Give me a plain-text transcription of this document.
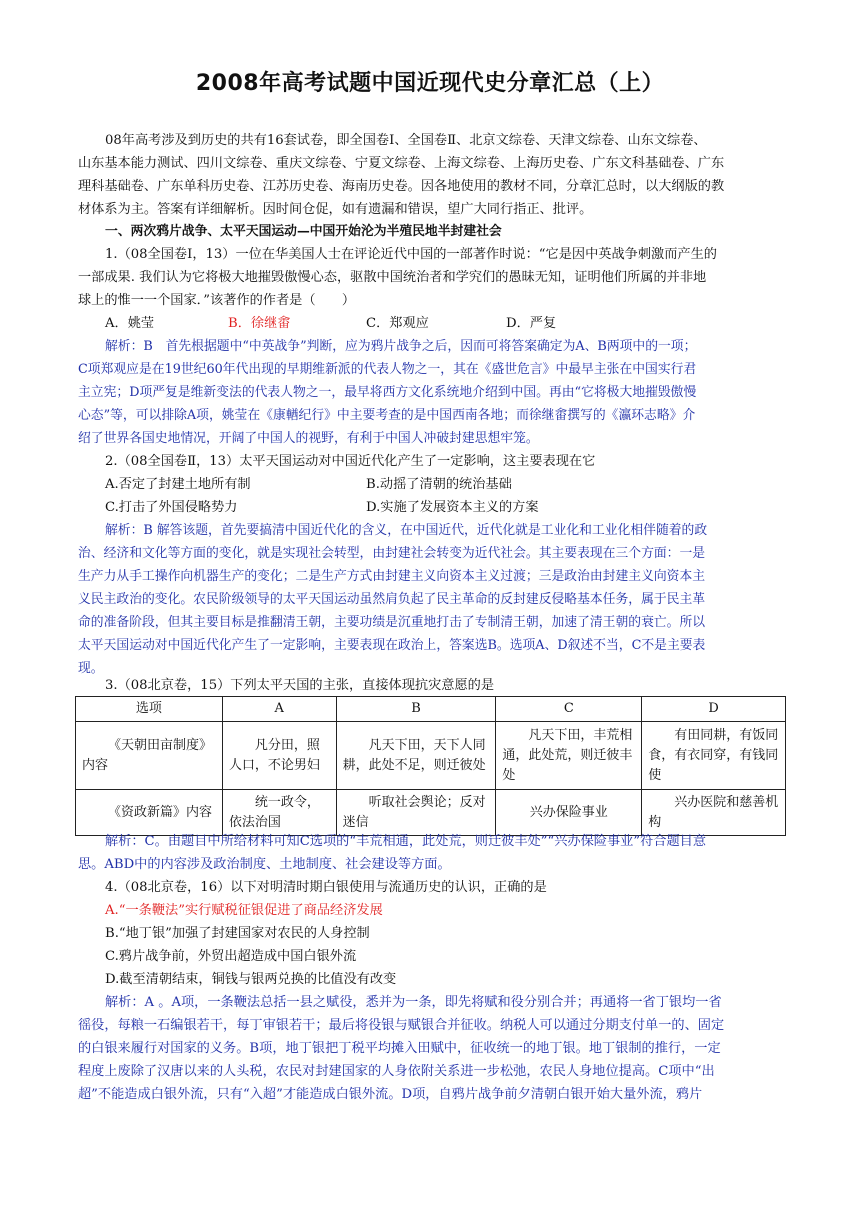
2008年高考试题中国近现代史分章汇总（上）
08年高考涉及到历史的共有16套试卷，即全国卷Ⅰ、全国卷Ⅱ、北京文综卷、天津文综卷、山东文综卷、
山东基本能力测试、四川文综卷、重庆文综卷、宁夏文综卷、上海文综卷、上海历史卷、广东文科基础卷、广东
理科基础卷、广东单科历史卷、江苏历史卷、海南历史卷。因各地使用的教材不同，分章汇总时，以大纲版的教
材体系为主。答案有详细解析。因时间仓促，如有遗漏和错误，望广大同行指正、批评。
一、两次鸦片战争、太平天国运动—中国开始沦为半殖民地半封建社会
1.（08全国卷Ⅰ，13）一位在华美国人士在评论近代中国的一部著作时说：“它是因中英战争刺激而产生的
一部成果. 我们认为它将极大地摧毁傲慢心态，驱散中国统治者和学究们的愚昧无知，证明他们所属的并非地
球上的惟一一个国家．”该著作的作者是（　　）
A．姚莹	B．徐继畬	C．郑观应	D．严复
解析：B　首先根据题中“中英战争”判断，应为鸦片战争之后，因而可将答案确定为A、B两项中的一项；
C项郑观应是在19世纪60年代出现的早期维新派的代表人物之一，其在《盛世危言》中最早主张在中国实行君
主立宪；D项严复是维新变法的代表人物之一，最早将西方文化系统地介绍到中国。再由“它将极大地摧毁傲慢
心态”等，可以排除A项，姚莹在《康輶纪行》中主要考查的是中国西南各地；而徐继畬撰写的《瀛环志略》介
绍了世界各国史地情况，开阔了中国人的视野，有利于中国人冲破封建思想牢笼。
2.（08全国卷Ⅱ，13）太平天国运动对中国近代化产生了一定影响，这主要表现在它
A.否定了封建土地所有制	B.动摇了清朝的统治基础
C.打击了外国侵略势力	D.实施了发展资本主义的方案
解析：B 解答该题，首先要搞清中国近代化的含义，在中国近代，近代化就是工业化和工业化相伴随着的政
治、经济和文化等方面的变化，就是实现社会转型，由封建社会转变为近代社会。其主要表现在三个方面：一是
生产力从手工操作向机器生产的变化；二是生产方式由封建主义向资本主义过渡；三是政治由封建主义向资本主
义民主政治的变化。农民阶级领导的太平天国运动虽然肩负起了民主革命的反封建反侵略基本任务，属于民主革
命的准备阶段，但其主要目标是推翻清王朝，主要功绩是沉重地打击了专制清王朝，加速了清王朝的衰亡。所以
太平天国运动对中国近代化产生了一定影响，主要表现在政治上，答案选B。选项A、D叙述不当，C不是主要表
现。
3.（08北京卷，15）下列太平天国的主张，直接体现抗灾意愿的是
选项	A	B	C	D
《天朝田亩制度》内容	凡分田，照人口，不论男妇	凡天下田，天下人同耕，此处不足，则迁彼处	凡天下田，丰荒相通，此处荒，则迁彼丰处	有田同耕，有饭同食，有衣同穿，有钱同使
《资政新篇》内容	统一政令，依法治国	听取社会舆论；反对迷信	兴办保险事业	兴办医院和慈善机构
解析：C。由题目中所给材料可知C选项的“丰荒相通，此处荒，则迁彼丰处”“兴办保险事业”符合题目意
思。ABD中的内容涉及政治制度、土地制度、社会建设等方面。
4.（08北京卷，16）以下对明清时期白银使用与流通历史的认识，正确的是
A.“一条鞭法”实行赋税征银促进了商品经济发展
B.“地丁银”加强了封建国家对农民的人身控制
C.鸦片战争前，外贸出超造成中国白银外流
D.截至清朝结束，铜钱与银两兑换的比值没有改变
解析：A 。A项，一条鞭法总括一县之赋役，悉并为一条，即先将赋和役分别合并；再通将一省丁银均一省
徭役，每粮一石编银若干，每丁审银若干；最后将役银与赋银合并征收。纳税人可以通过分期支付单一的、固定
的白银来履行对国家的义务。B项，地丁银把丁税平均摊入田赋中，征收统一的地丁银。地丁银制的推行，一定
程度上废除了汉唐以来的人头税，农民对封建国家的人身依附关系进一步松弛，农民人身地位提高。C项中“出
超”不能造成白银外流，只有“入超”才能造成白银外流。D项，自鸦片战争前夕清朝白银开始大量外流，鸦片
